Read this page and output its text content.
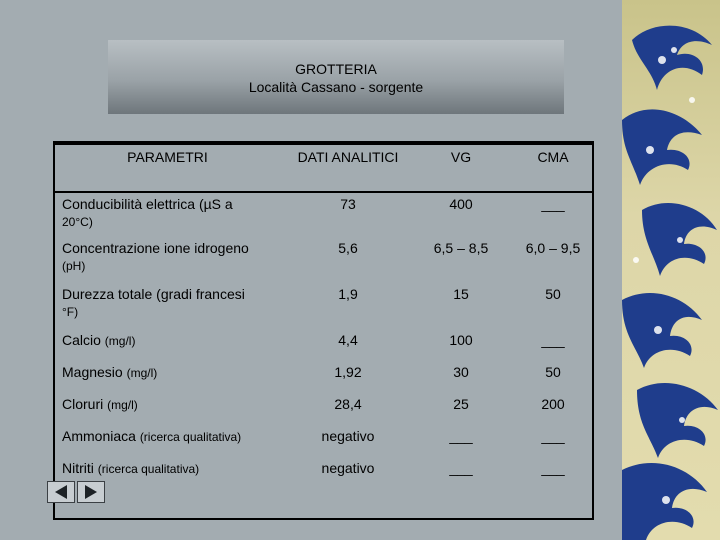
GROTTERIA
Località Cassano - sorgente
PARAMETRI	DATI ANALITICI	VG	CMA
Conducibilità elettrica (µS a
20°C)
73	400	___
Concentrazione ione idrogeno
(pH)
5,6	6,5 – 8,5	6,0 – 9,5
Durezza totale (gradi francesi
°F)
1,9	15	50
Calcio (mg/l)	4,4	100	___
Magnesio (mg/l)	1,92	30	50
Cloruri (mg/l)	28,4	25	200
Ammoniaca (ricerca qualitativa)	negativo	___	___
Nitriti (ricerca qualitativa)	negativo	___	___
